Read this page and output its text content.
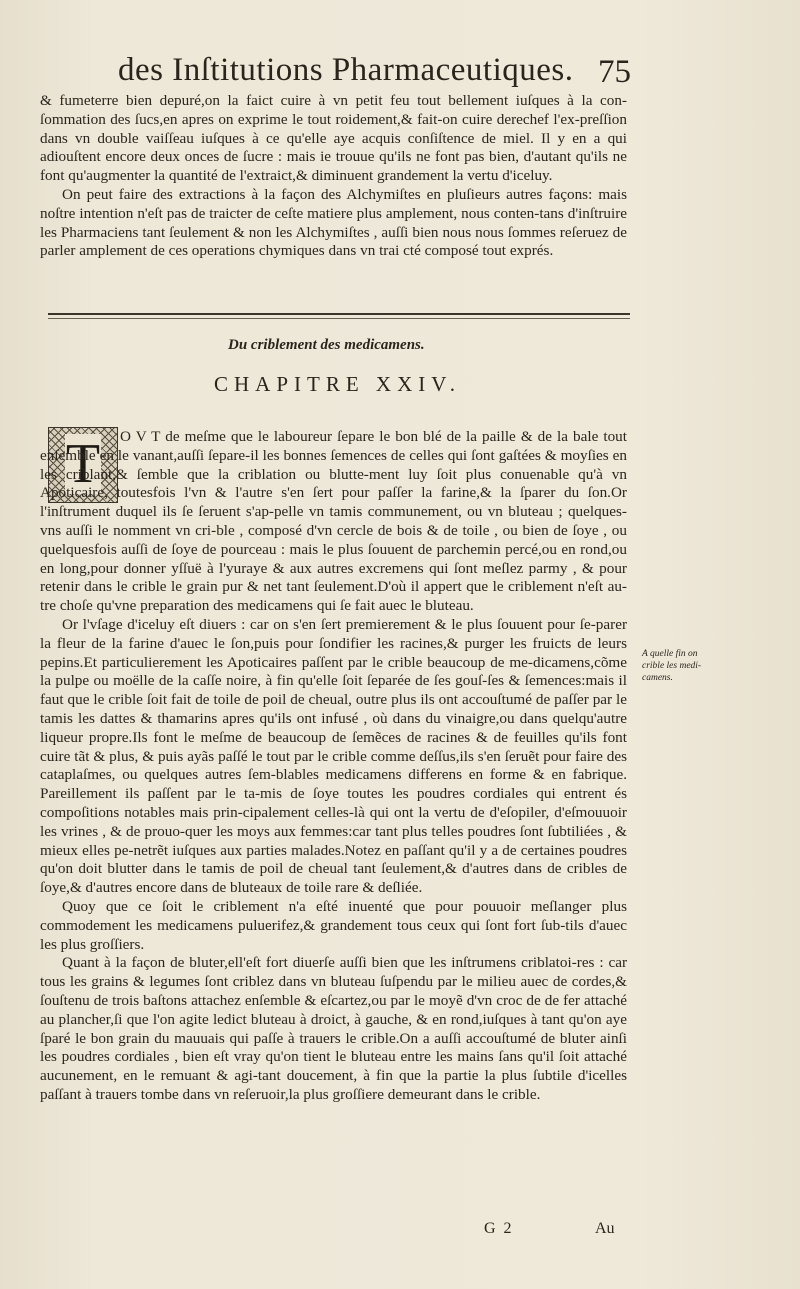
des Inſtitutions Pharmaceutiques. 75

& fumeterre bien depuré,on la faict cuire à vn petit feu tout bellement iuſques à la con-ſommation des ſucs,en apres on exprime le tout roidement,& fait-on cuire derechef l'ex-preſſion dans vn double vaiſſeau iuſques à ce qu'elle aye acquis conſiſtence de miel. Il y en a qui adiouſtent encore deux onces de ſucre : mais ie trouue qu'ils ne font pas bien, d'autant qu'ils ne font qu'augmenter la quantité de l'extraict,& diminuent grandement la vertu d'iceluy.

On peut faire des extractions à la façon des Alchymiſtes en pluſieurs autres façons: mais noſtre intention n'eſt pas de traicter de ceſte matiere plus amplement, nous conten-tans d'inſtruire les Pharmaciens tant ſeulement & non les Alchymiſtes , auſſi bien nous nous ſommes reſeruez de parler amplement de ces operations chymiques dans vn trai cté composé tout exprés.

Du criblement des medicamens.
CHAPITRE XXIV.
T	O V T de meſme que le laboureur ſepare le bon blé de la paille & de la bale tout enſemble en le vanant,auſſi ſepare-il les bonnes ſemences de celles qui ſont gaſtées & moyſies en les criblant,& ſemble que la criblation ou blutte-ment luy ſoit plus conuenable qu'à vn Apoticaire, toutesfois l'vn & l'autre s'en ſert pour paſſer la farine,& la ſparer du ſon.Or l'inſtrument duquel ils ſe ſeruent s'ap-pelle vn tamis communement, ou vn bluteau ; quelques-vns auſſi le nomment vn cri-ble , composé d'vn cercle de bois & de toile , ou bien de ſoye , ou quelquesfois auſſi de ſoye de pourceau : mais le plus ſouuent de parchemin percé,ou en rond,ou en long,pour donner yſſuë à l'yuraye & aux autres excremens qui ſont meſlez parmy , & pour retenir dans le crible le grain pur & net tant ſeulement.D'où il appert que le criblement n'eſt au-tre choſe qu'vne preparation des medicamens qui ſe fait auec le bluteau.

Or l'vſage d'iceluy eſt diuers : car on s'en ſert premierement & le plus ſouuent pour ſe-parer la fleur de la farine d'auec le ſon,puis pour ſondifier les racines,& purger les fruicts de leurs pepins.Et particulierement les Apoticaires paſſent par le crible beaucoup de me-dicamens,cõme la pulpe ou moëlle de la caſſe noire, à fin qu'elle ſoit ſeparée de ſes gouſ-ſes & ſemences:mais il faut que le crible ſoit fait de toile de poil de cheual, outre plus ils ont accouſtumé de paſſer par le tamis les dattes & thamarins apres qu'ils ont infusé , où dans du vinaigre,ou dans quelqu'autre liqueur propre.Ils font le meſme de beaucoup de ſemẽces de racines & de feuilles qu'ils font cuire tãt & plus, & puis ayãs paſſé le tout par le crible comme deſſus,ils s'en ſeruẽt pour faire des cataplaſmes, ou quelques autres ſem-blables medicamens differens en forme & en fabrique. Pareillement ils paſſent par le ta-mis de ſoye toutes les poudres cordiales qui entrent és compoſitions notables mais prin-cipalement celles-là qui ont la vertu de d'eſopiler, d'eſmouuoir les vrines , & de prouo-quer les moys aux femmes:car tant plus telles poudres ſont ſubtiliées , & mieux elles pe-netrẽt iuſques aux parties malades.Notez en paſſant qu'il y a de certaines poudres qu'on doit blutter dans le tamis de poil de cheual tant ſeulement,& d'autres dans de cribles de ſoye,& d'autres encore dans de bluteaux de toile rare & deſliée.

Quoy que ce ſoit le criblement n'a eſté inuenté que pour pouuoir meſlanger plus commodement les medicamens puluerifez,& grandement tous ceux qui ſont fort ſub-tils d'auec les plus groſſiers.

Quant à la façon de bluter,ell'eſt fort diuerſe auſſi bien que les inſtrumens criblatoi-res : car tous les grains & legumes ſont criblez dans vn bluteau ſuſpendu par le milieu auec de cordes,& ſouſtenu de trois baſtons attachez enſemble & eſcartez,ou par le moyẽ d'vn croc de de fer attaché au plancher,ſi que l'on agite ledict bluteau à droict, à gauche, & en rond,iuſques à tant qu'on aye ſparé le bon grain du mauuais qui paſſe à trauers le crible.On a auſſi accouſtumé de bluter ainſi les poudres cordiales , bien eſt vray qu'on tient le bluteau entre les mains ſans qu'il ſoit attaché aucunement, en le remuant & agi-tant doucement, à fin que la partie la plus ſubtile d'icelles paſſant à trauers tombe dans vn reſeruoir,la plus groſſiere demeurant dans le crible.

A quelle fin on crible les medi-camens.
G 2	Au
